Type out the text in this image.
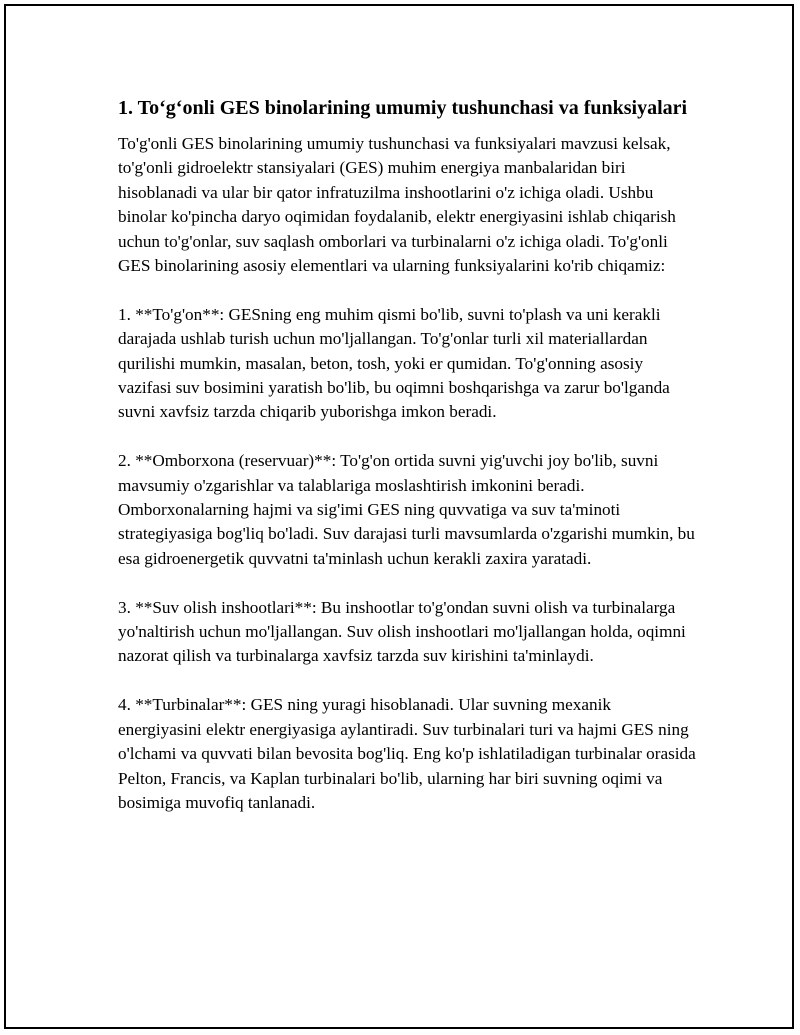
1. To‘g‘onli GES binolarining umumiy tushunchasi va funksiyalari

To'g'onli GES binolarining umumiy tushunchasi va funksiyalari mavzusi kelsak, to'g'onli gidroelektr stansiyalari (GES) muhim energiya manbalaridan biri hisoblanadi va ular bir qator infratuzilma inshootlarini o'z ichiga oladi. Ushbu binolar ko'pincha daryo oqimidan foydalanib, elektr energiyasini ishlab chiqarish uchun to'g'onlar, suv saqlash omborlari va turbinalarni o'z ichiga oladi. To'g'onli GES binolarining asosiy elementlari va ularning funksiyalarini ko'rib chiqamiz:

1. **To'g'on**: GESning eng muhim qismi bo'lib, suvni to'plash va uni kerakli darajada ushlab turish uchun mo'ljallangan. To'g'onlar turli xil materiallardan qurilishi mumkin, masalan, beton, tosh, yoki er qumidan. To'g'onning asosiy vazifasi suv bosimini yaratish bo'lib, bu oqimni boshqarishga va zarur bo'lganda suvni xavfsiz tarzda chiqarib yuborishga imkon beradi.

2. **Omborxona (reservuar)**: To'g'on ortida suvni yig'uvchi joy bo'lib, suvni mavsumiy o'zgarishlar va talablariga moslashtirish imkonini beradi. Omborxonalarning hajmi va sig'imi GES ning quvvatiga va suv ta'minoti strategiyasiga bog'liq bo'ladi. Suv darajasi turli mavsumlarda o'zgarishi mumkin, bu esa gidroenergetik quvvatni ta'minlash uchun kerakli zaxira yaratadi.

3. **Suv olish inshootlari**: Bu inshootlar to'g'ondan suvni olish va turbinalarga yo'naltirish uchun mo'ljallangan. Suv olish inshootlari mo'ljallangan holda, oqimni nazorat qilish va turbinalarga xavfsiz tarzda suv kirishini ta'minlaydi.

4. **Turbinalar**: GES ning yuragi hisoblanadi. Ular suvning mexanik energiyasini elektr energiyasiga aylantiradi. Suv turbinalari turi va hajmi GES ning o'lchami va quvvati bilan bevosita bog'liq. Eng ko'p ishlatiladigan turbinalar orasida Pelton, Francis, va Kaplan turbinalari bo'lib, ularning har biri suvning oqimi va bosimiga muvofiq tanlanadi.
